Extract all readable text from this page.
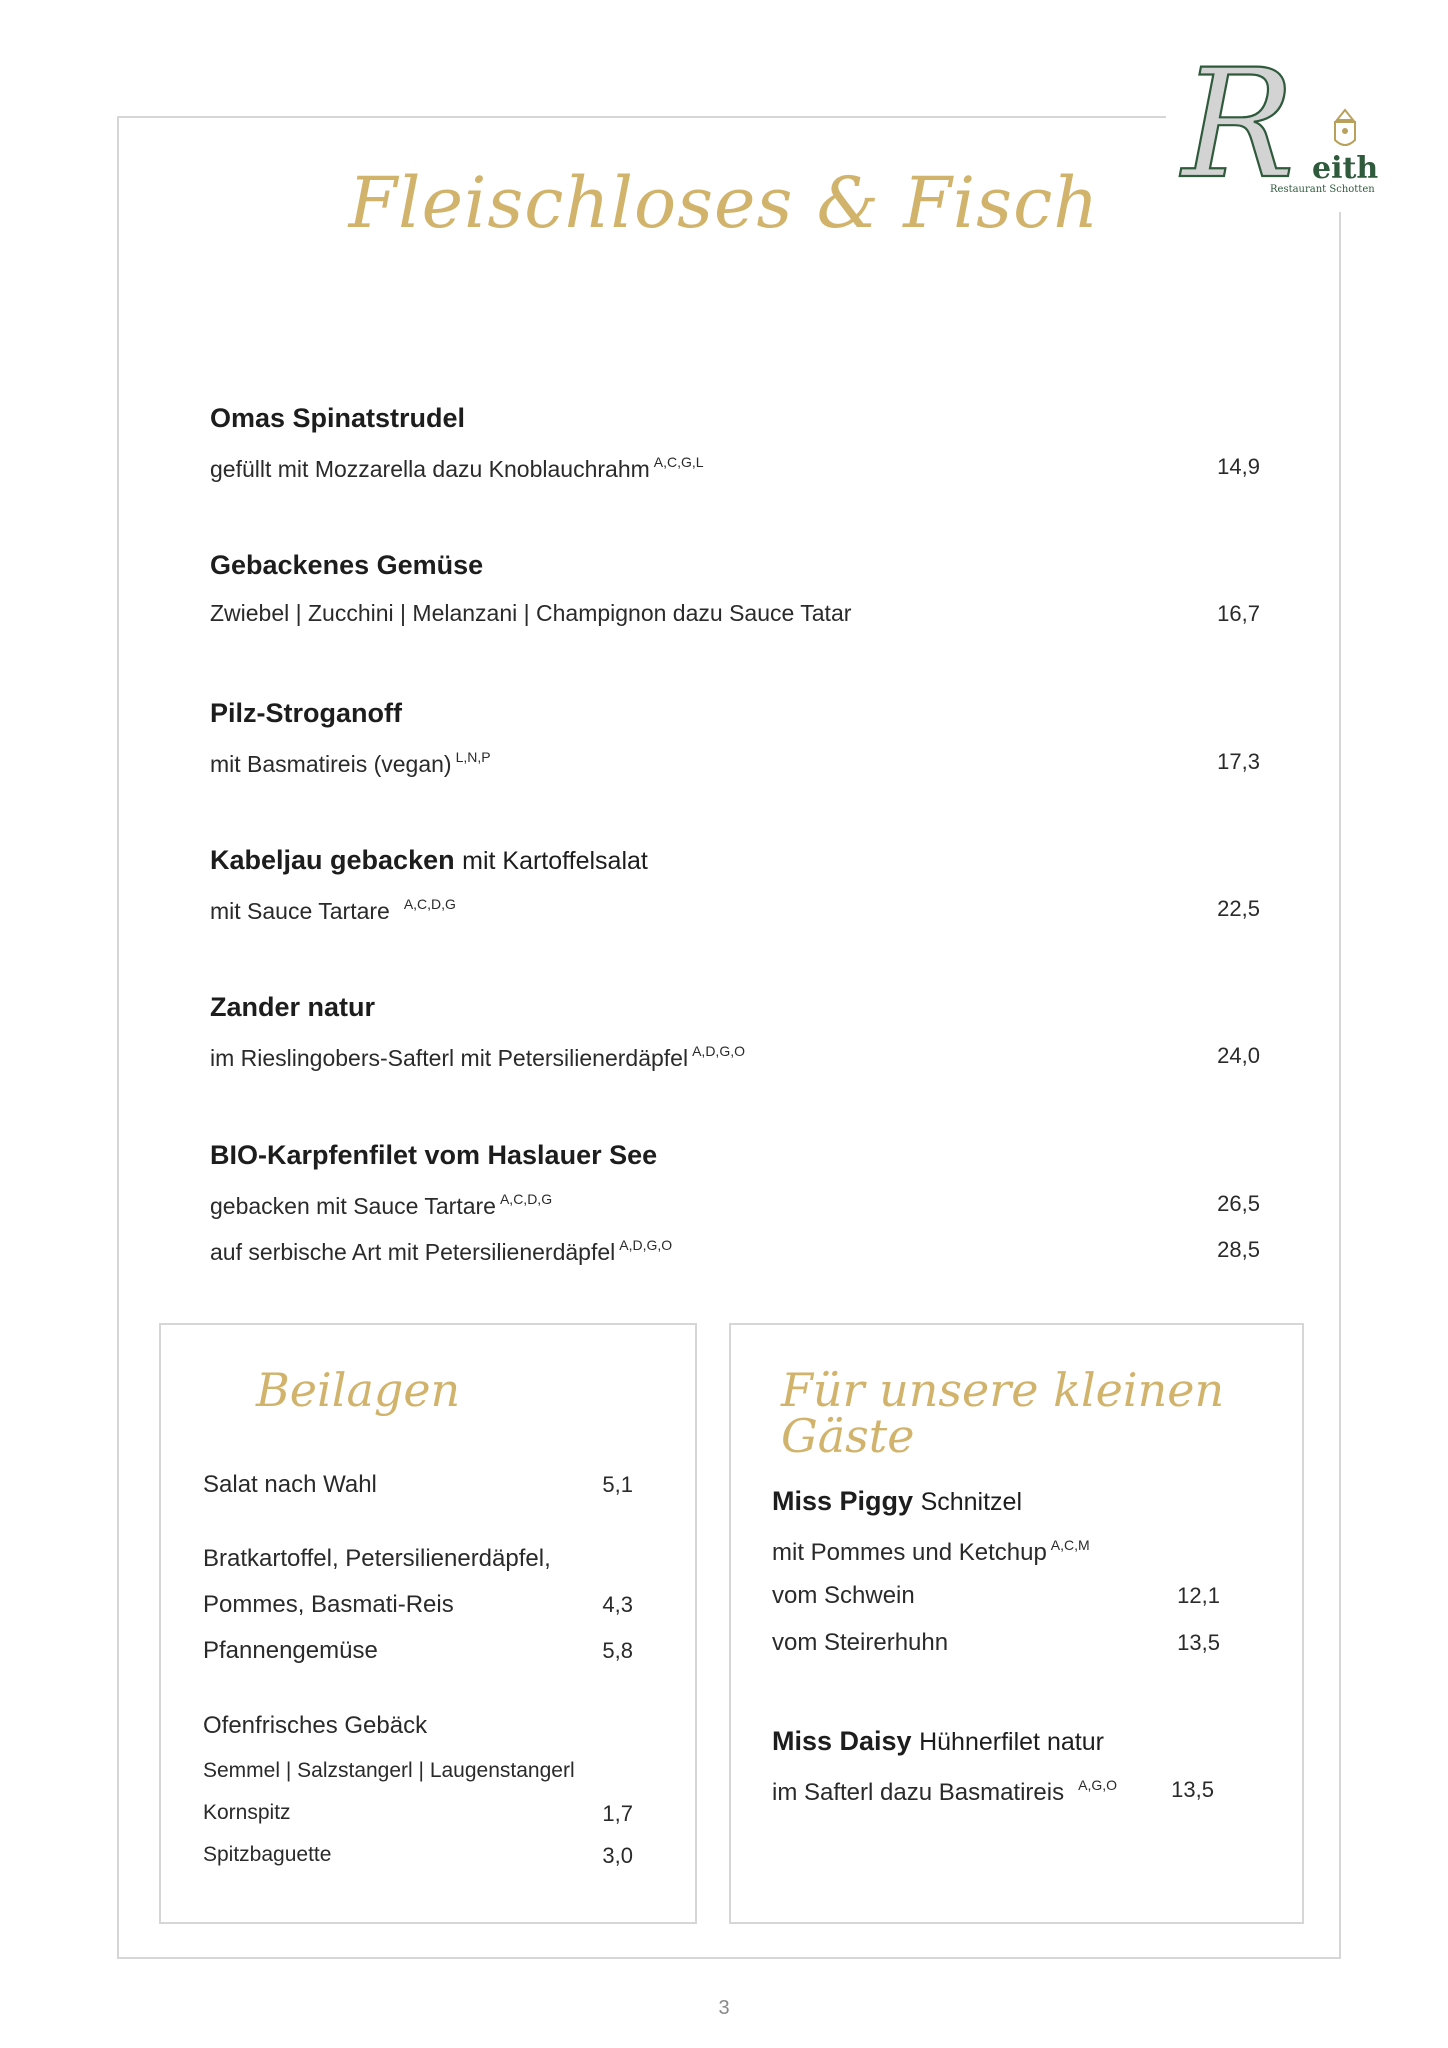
R eith
Restaurant Schotten
Fleischloses & Fisch
Omas Spinatstrudel
gefüllt mit Mozzarella dazu Knoblauchrahm $^{A,C,G,L}$	14,9
Gebackenes Gemüse
Zwiebel | Zucchini | Melanzani | Champignon dazu Sauce Tatar	16,7
Pilz-Stroganoff
mit Basmatireis (vegan) $^{L,N,P}$	17,3
Kabeljau gebacken mit Kartoffelsalat
mit Sauce Tartare $^{A,C,D,G}$	22,5
Zander natur
im Rieslingobers-Safterl mit Petersilienerdäpfel $^{A,D,G,O}$	24,0
BIO-Karpfenfilet vom Haslauer See
gebacken mit Sauce Tartare $^{A,C,D,G}$	26,5
auf serbische Art mit Petersilienerdäpfel $^{A,D,G,O}$	28,5
Beilagen
Salat nach Wahl	5,1
Bratkartoffel, Petersilienerdäpfel,
Pommes, Basmati-Reis	4,3
Pfannengemüse	5,8
Ofenfrisches Gebäck
Semmel | Salzstangerl | Laugenstangerl
Kornspitz	1,7
Spitzbaguette	3,0
Für unsere kleinen Gäste
Miss Piggy Schnitzel
mit Pommes und Ketchup $^{A,C,M}$
vom Schwein	12,1
vom Steirerhuhn	13,5
Miss Daisy Hühnerfilet natur
im Safterl dazu Basmatireis $^{A,G,O}$ 13,5
3
